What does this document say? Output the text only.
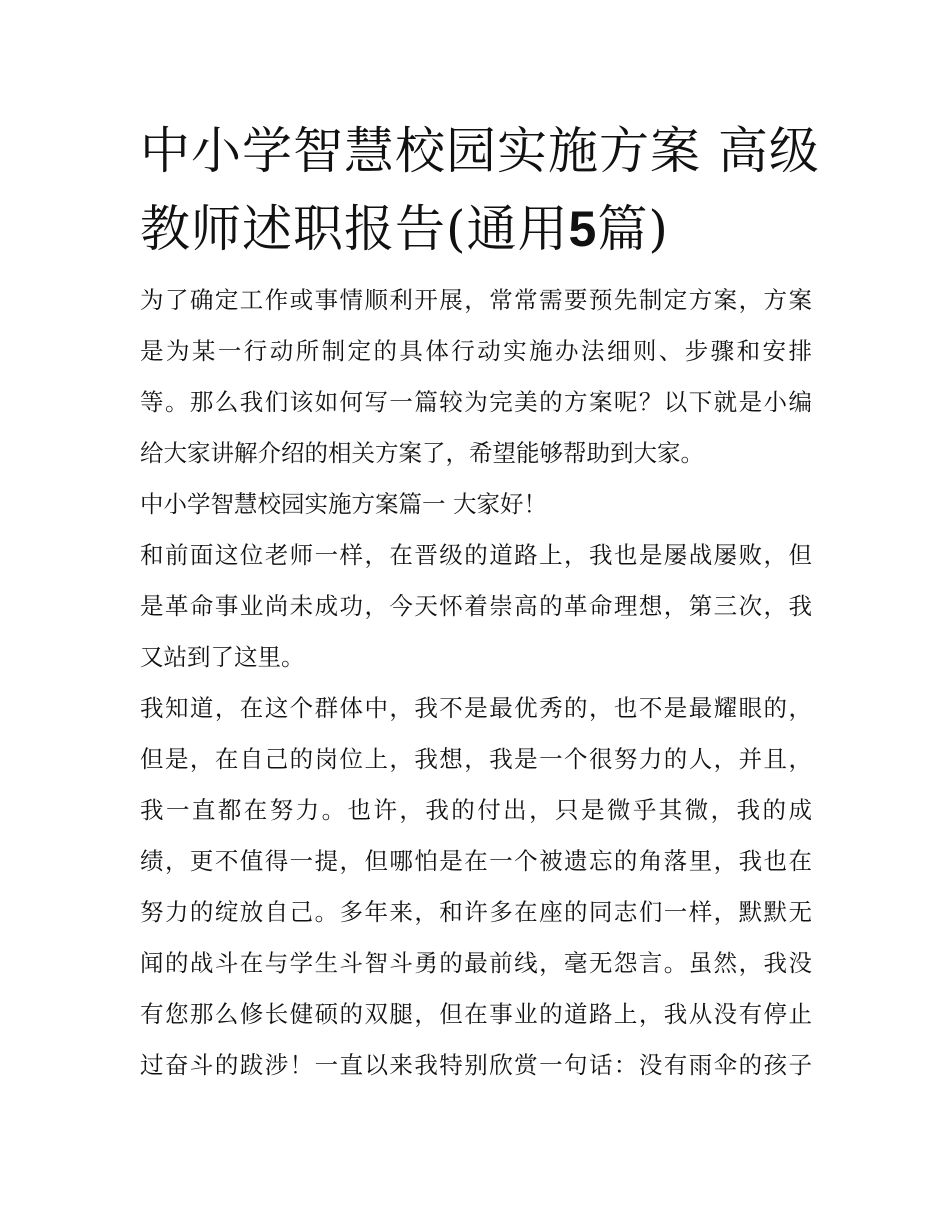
中小学智慧校园实施方案 高级
教师述职报告(通用5篇)
为了确定工作或事情顺利开展，常常需要预先制定方案，方案
是为某一行动所制定的具体行动实施办法细则、步骤和安排
等。那么我们该如何写一篇较为完美的方案呢？以下就是小编
给大家讲解介绍的相关方案了，希望能够帮助到大家。
中小学智慧校园实施方案篇一 大家好！
和前面这位老师一样，在晋级的道路上，我也是屡战屡败，但
是革命事业尚未成功，今天怀着崇高的革命理想，第三次，我
又站到了这里。
我知道，在这个群体中，我不是最优秀的，也不是最耀眼的，
但是，在自己的岗位上，我想，我是一个很努力的人，并且，
我一直都在努力。也许，我的付出，只是微乎其微，我的成
绩，更不值得一提，但哪怕是在一个被遗忘的角落里，我也在
努力的绽放自己。多年来，和许多在座的同志们一样，默默无
闻的战斗在与学生斗智斗勇的最前线，毫无怨言。虽然，我没
有您那么修长健硕的双腿，但在事业的道路上，我从没有停止
过奋斗的跋涉！一直以来我特别欣赏一句话：没有雨伞的孩子
